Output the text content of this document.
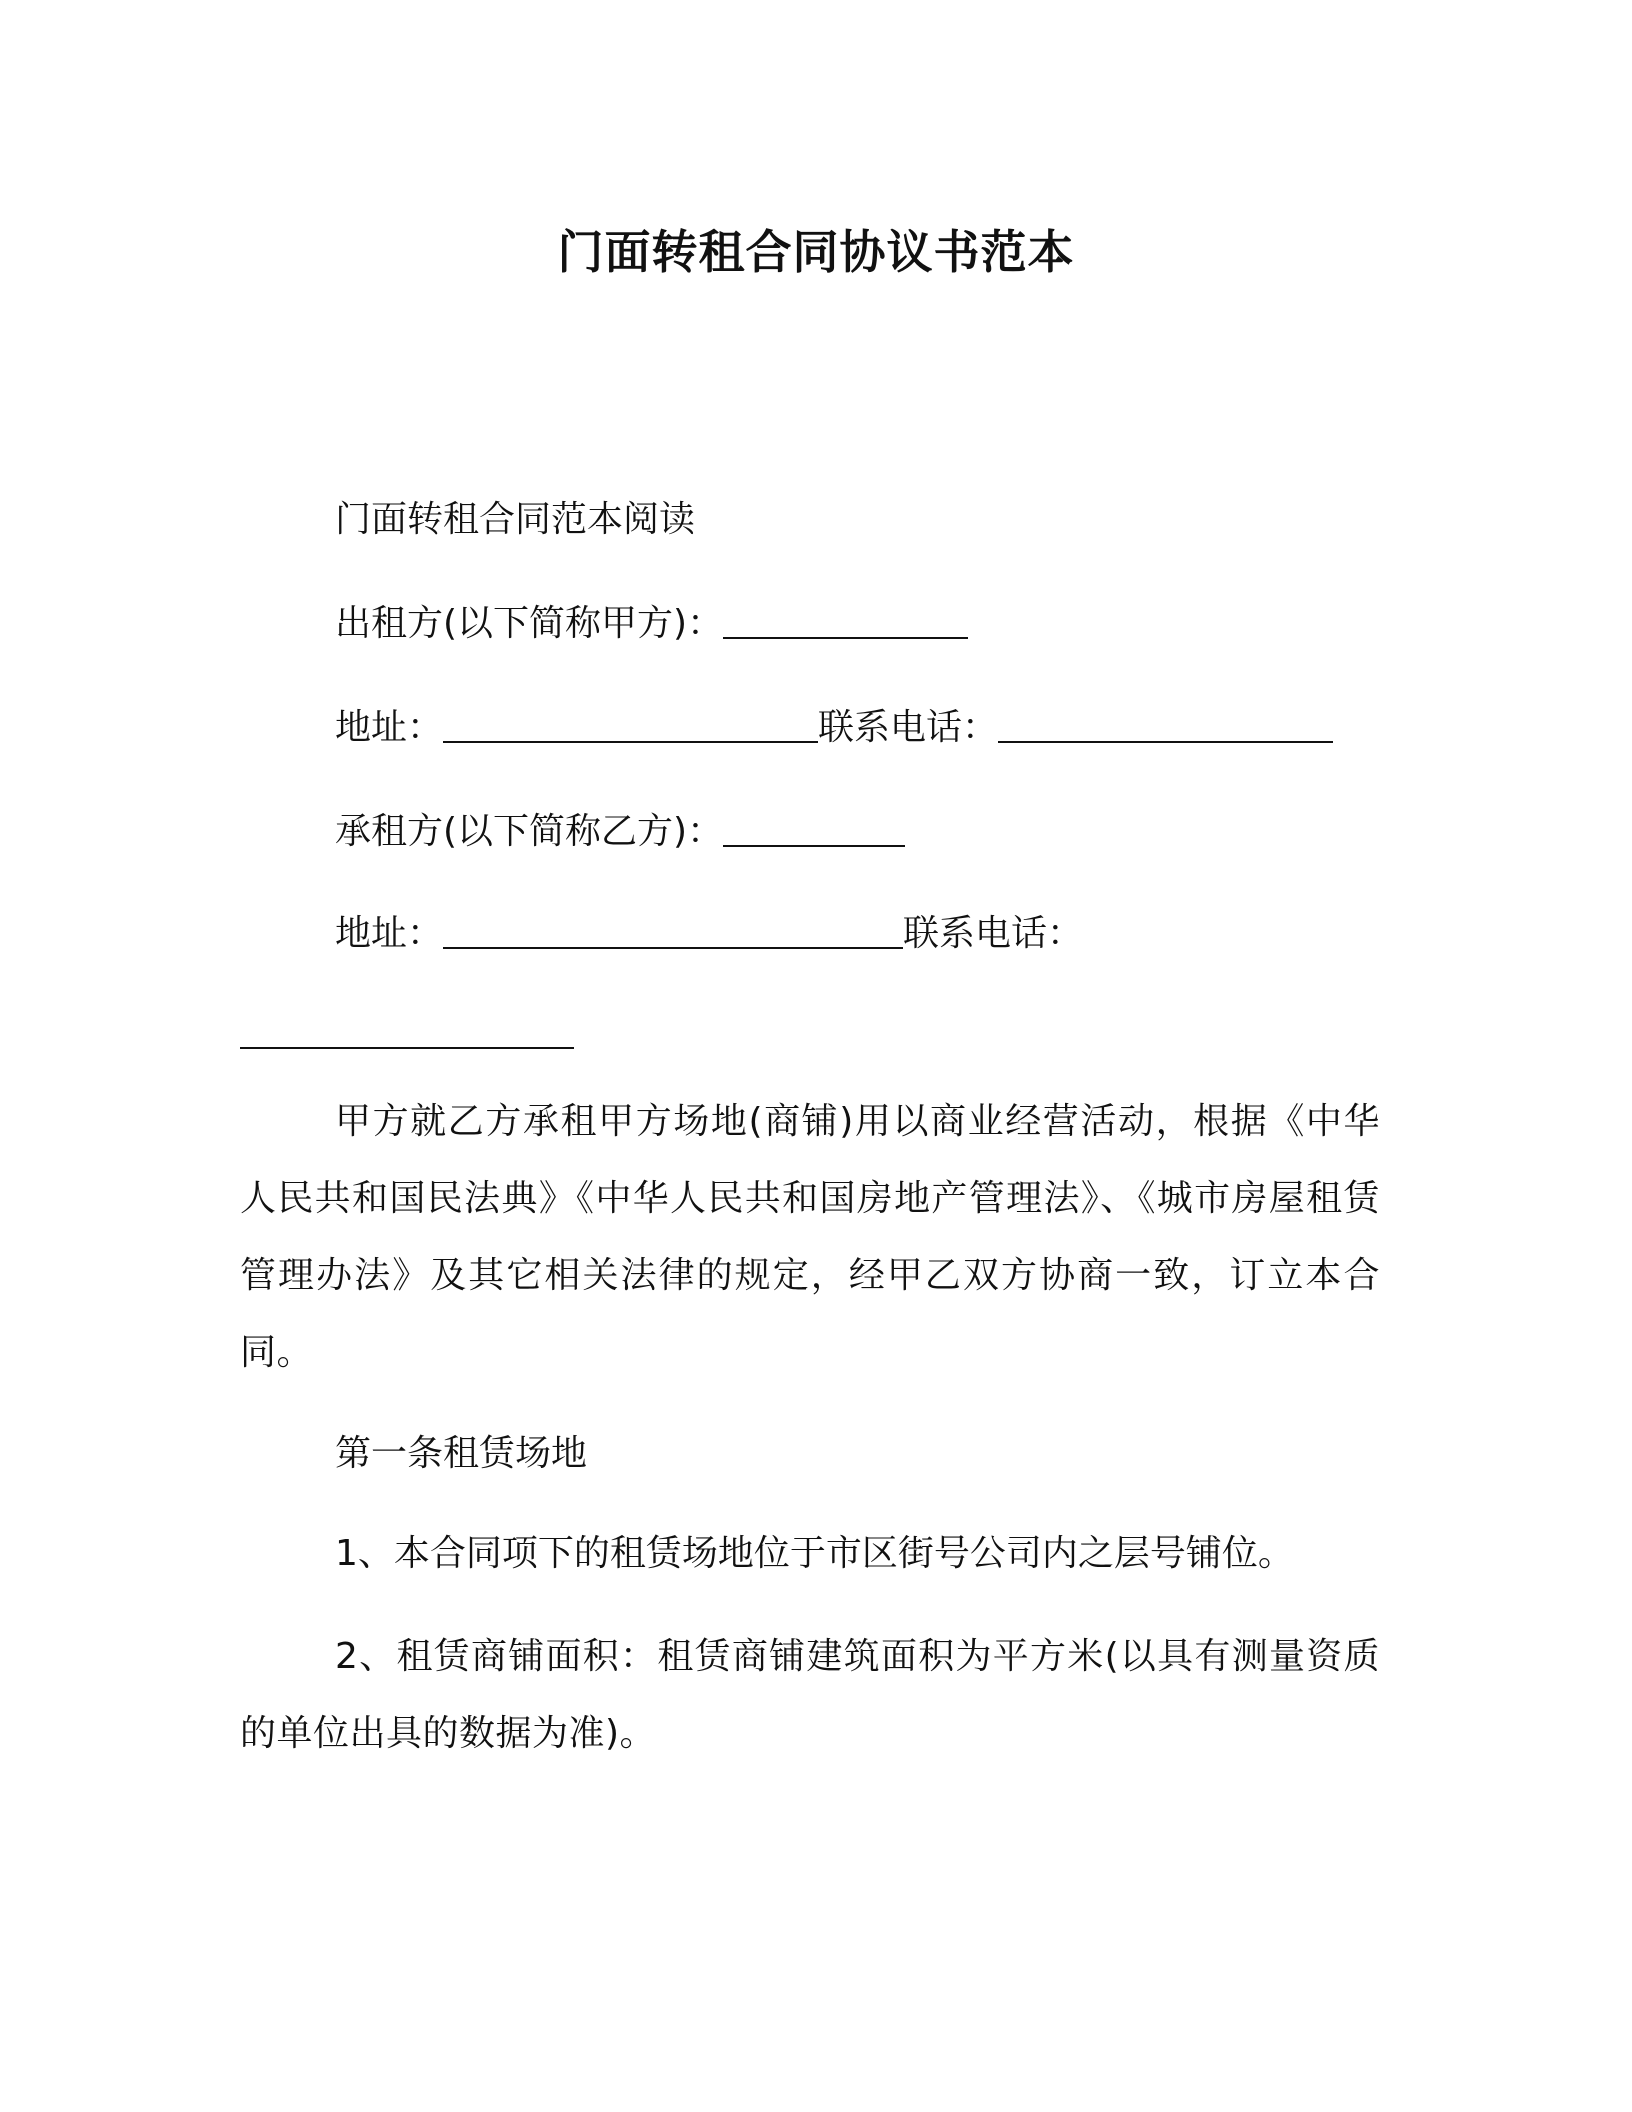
门面转租合同协议书范本
门面转租合同范本阅读
出租方(以下简称甲方)：
地址：	联系电话：
承租方(以下简称乙方)：
地址：	联系电话：
甲方就乙方承租甲方场地(商铺)用以商业经营活动，根据《中华人民共和国民法典》《中华人民共和国房地产管理法》、《城市房屋租赁管理办法》及其它相关法律的规定，经甲乙双方协商一致，订立本合同。
第一条租赁场地
1、本合同项下的租赁场地位于市区街号公司内之层号铺位。
2、租赁商铺面积：租赁商铺建筑面积为平方米(以具有测量资质的单位出具的数据为准)。
